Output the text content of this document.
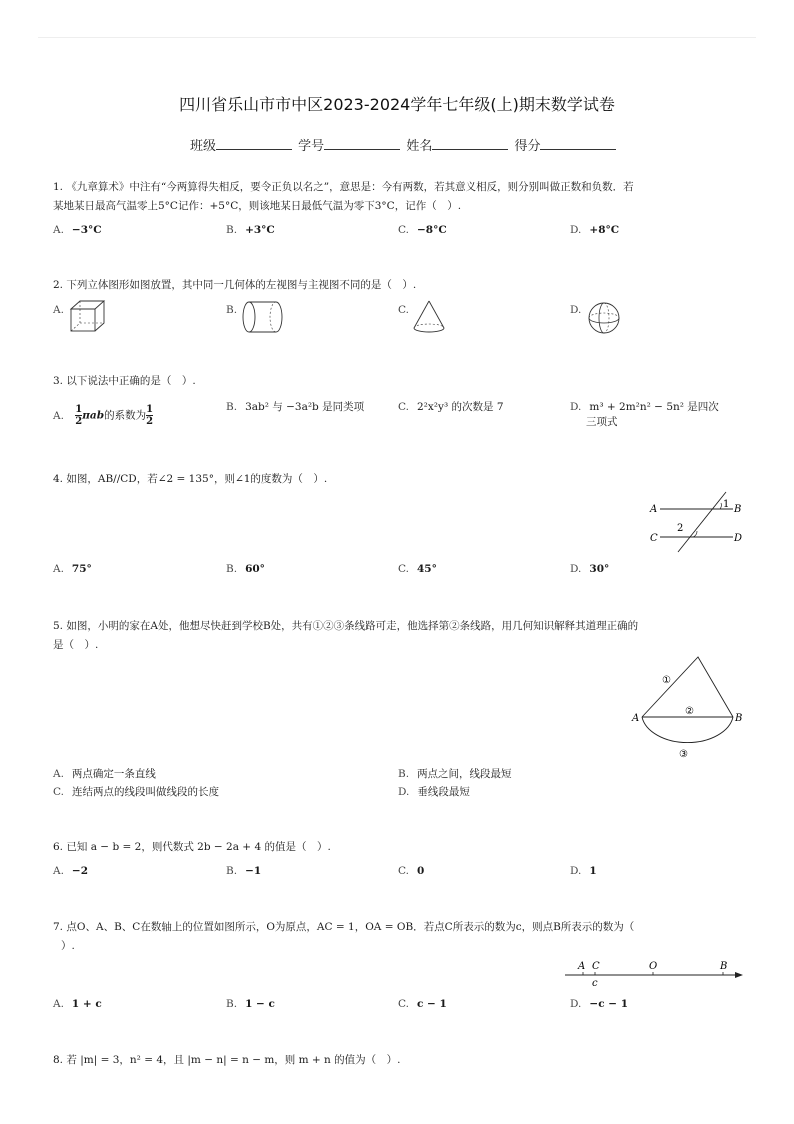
四川省乐山市市中区2023-2024学年七年级(上)期末数学试卷
班级	学号	姓名	得分
1. 《九章算术》中注有“今两算得失相反，要令正负以名之”，意思是：今有两数，若其意义相反，则分别叫做正数和负数．若
某地某日最高气温零上5°C记作：+5°C，则该地某日最低气温为零下3°C，记作（　）.
A. −3°C	B. +3°C	C. −8°C	D. +8°C
2. 下列立体图形如图放置，其中同一几何体的左视图与主视图不同的是（　）.
A.	B.	C.	D.
3. 以下说法中正确的是（　）.
A. 1

2 πab的系数为1

2
B. 3ab² 与 −3a²b 是同类项	C. 2²x²y³ 的次数是 7	D. m³ + 2m²n² − 5n² 是四次
三项式
4. 如图，AB//CD，若∠2 = 135°，则∠1的度数为（　）.
A	B
C	D
1
2
A. 75°	B. 60°	C. 45°	D. 30°
5. 如图，小明的家在A处，他想尽快赶到学校B处，共有①②③条线路可走，他选择第②条线路，用几何知识解释其道理正确的
是（　）.
A	B
①
②
③
A. 两点确定一条直线	B. 两点之间，线段最短
C. 连结两点的线段叫做线段的长度	D. 垂线段最短
6. 已知 a − b = 2，则代数式 2b − 2a + 4 的值是（　）.
A. −2	B. −1	C. 0	D. 1
7. 点O、A、B、C在数轴上的位置如图所示，O为原点，AC = 1，OA = OB．若点C所表示的数为c，则点B所表示的数为（
）.
A C	O	B
c
A. 1 + c	B. 1 − c	C. c − 1	D. −c − 1
8. 若 |m| = 3，n² = 4，且 |m − n| = n − m，则 m + n 的值为（　）.
